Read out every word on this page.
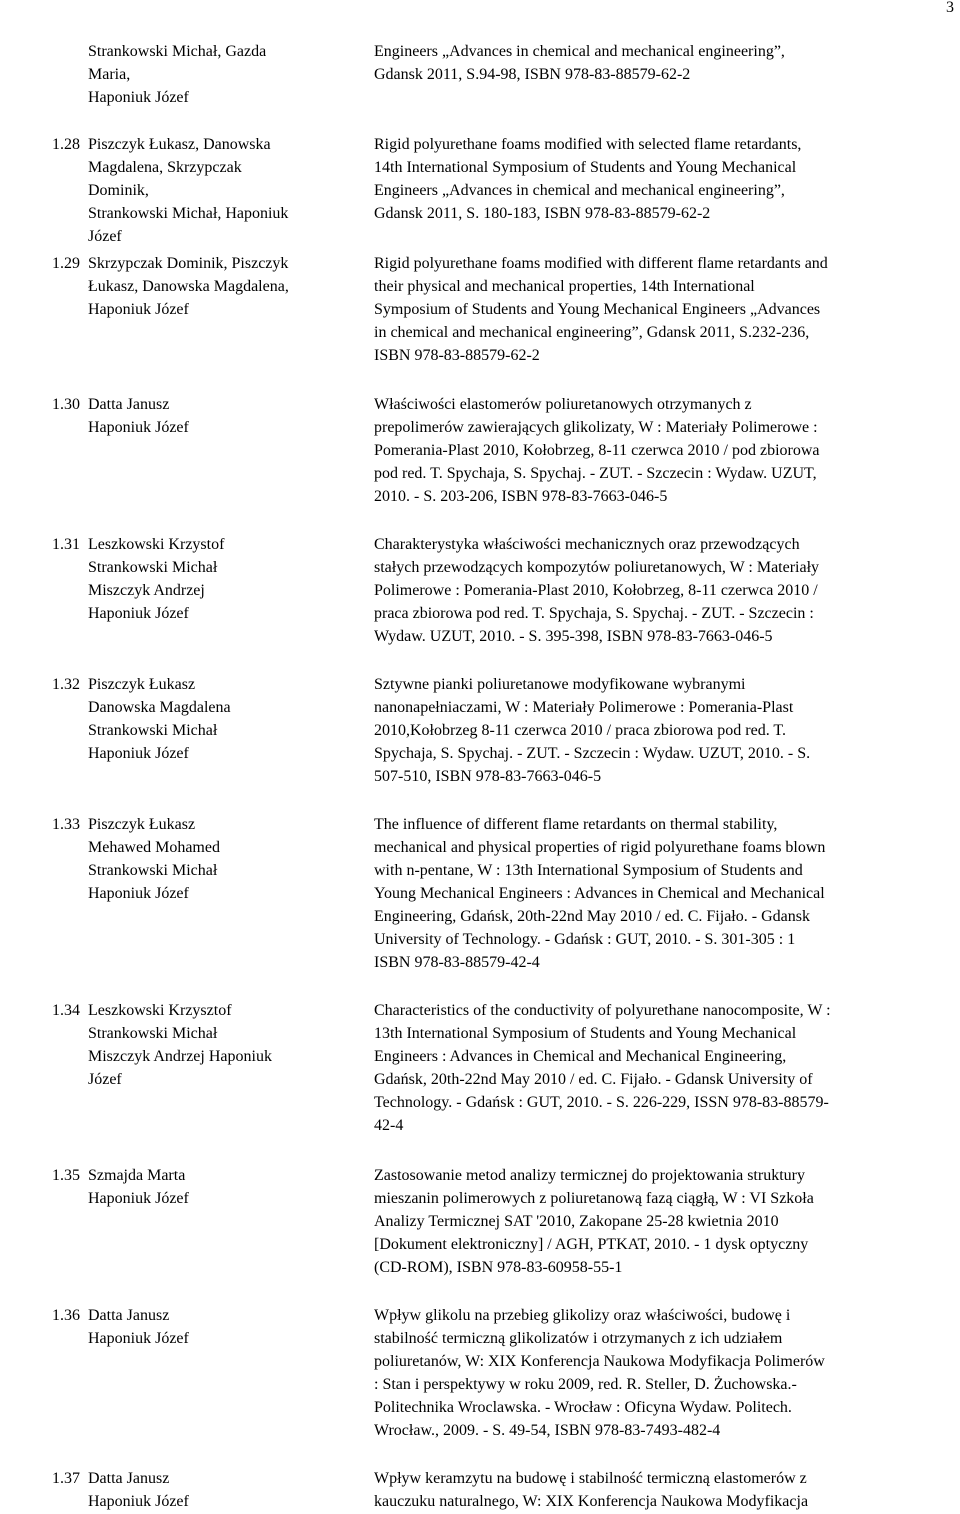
3
Strankowski Michał, Gazda
Maria,
Haponiuk Józef
Engineers „Advances in chemical and mechanical engineering”,
Gdansk 2011, S.94-98, ISBN 978-83-88579-62-2
1.28 Piszczyk Łukasz, Danowska
Magdalena, Skrzypczak
Dominik,
Strankowski Michał, Haponiuk
Józef
Rigid polyurethane foams modified with selected flame retardants,
14th International Symposium of Students and Young Mechanical
Engineers „Advances in chemical and mechanical engineering”,
Gdansk 2011, S. 180-183, ISBN 978-83-88579-62-2
1.29 Skrzypczak Dominik, Piszczyk
Łukasz, Danowska Magdalena,
Haponiuk Józef
Rigid polyurethane foams modified with different flame retardants and
their physical and mechanical properties, 14th International
Symposium of Students and Young Mechanical Engineers „Advances
in chemical and mechanical engineering”, Gdansk 2011, S.232-236,
ISBN 978-83-88579-62-2
1.30 Datta Janusz
Haponiuk Józef
Właściwości elastomerów poliuretanowych otrzymanych z
prepolimerów zawierających glikolizaty, W : Materiały Polimerowe :
Pomerania-Plast 2010, Kołobrzeg, 8-11 czerwca 2010 / pod zbiorowa
pod red. T. Spychaja, S. Spychaj. - ZUT. - Szczecin : Wydaw. UZUT,
2010. - S. 203-206, ISBN 978-83-7663-046-5
1.31 Leszkowski Krzystof
Strankowski Michał
Miszczyk Andrzej
Haponiuk Józef
Charakterystyka właściwości mechanicznych oraz przewodzących
stałych przewodzących kompozytów poliuretanowych, W : Materiały
Polimerowe : Pomerania-Plast 2010, Kołobrzeg, 8-11 czerwca 2010 /
praca zbiorowa pod red. T. Spychaja, S. Spychaj. - ZUT. - Szczecin :
Wydaw. UZUT, 2010. - S. 395-398, ISBN 978-83-7663-046-5
1.32 Piszczyk Łukasz
Danowska Magdalena
Strankowski Michał
Haponiuk Józef
Sztywne pianki poliuretanowe modyfikowane wybranymi
nanonapełniaczami, W : Materiały Polimerowe : Pomerania-Plast
2010,Kołobrzeg 8-11 czerwca 2010 / praca zbiorowa pod red. T.
Spychaja, S. Spychaj. - ZUT. - Szczecin : Wydaw. UZUT, 2010. - S.
507-510, ISBN 978-83-7663-046-5
1.33 Piszczyk Łukasz
Mehawed Mohamed
Strankowski Michał
Haponiuk Józef
The influence of different flame retardants on thermal stability,
mechanical and physical properties of rigid polyurethane foams blown
with n-pentane, W : 13th International Symposium of Students and
Young Mechanical Engineers : Advances in Chemical and Mechanical
Engineering, Gdańsk, 20th-22nd May 2010 / ed. C. Fijało. - Gdansk
University of Technology. - Gdańsk : GUT, 2010. - S. 301-305 : 1
ISBN 978-83-88579-42-4
1.34 Leszkowski Krzysztof
Strankowski Michał
Miszczyk Andrzej Haponiuk
Józef
Characteristics of the conductivity of polyurethane nanocomposite, W :
13th International Symposium of Students and Young Mechanical
Engineers : Advances in Chemical and Mechanical Engineering,
Gdańsk, 20th-22nd May 2010 / ed. C. Fijało. - Gdansk University of
Technology. - Gdańsk : GUT, 2010. - S. 226-229, ISSN 978-83-88579-
42-4
1.35 Szmajda Marta
Haponiuk Józef
Zastosowanie metod analizy termicznej do projektowania struktury
mieszanin polimerowych z poliuretanową fazą ciągłą, W : VI Szkoła
Analizy Termicznej SAT '2010, Zakopane 25-28 kwietnia 2010
[Dokument elektroniczny] / AGH, PTKAT, 2010. - 1 dysk optyczny
(CD-ROM), ISBN 978-83-60958-55-1
1.36 Datta Janusz
Haponiuk Józef
Wpływ glikolu na przebieg glikolizy oraz właściwości, budowę i
stabilność termiczną glikolizatów i otrzymanych z ich udziałem
poliuretanów, W: XIX Konferencja Naukowa Modyfikacja Polimerów
: Stan i perspektywy w roku 2009, red. R. Steller, D. Żuchowska.-
Politechnika Wroclawska. - Wrocław : Oficyna Wydaw. Politech.
Wrocław., 2009. - S. 49-54, ISBN 978-83-7493-482-4
1.37 Datta Janusz
Haponiuk Józef
Wpływ keramzytu na budowę i stabilność termiczną elastomerów z
kauczuku naturalnego, W: XIX Konferencja Naukowa Modyfikacja
